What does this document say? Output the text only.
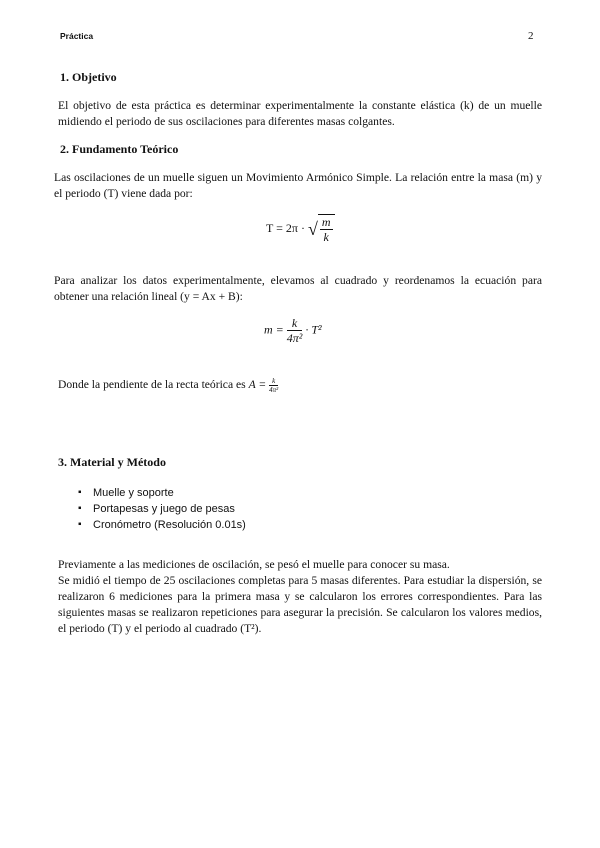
Práctica	2
1. Objetivo
El objetivo de esta práctica es determinar experimentalmente la constante elástica (k) de un muelle midiendo el periodo de sus oscilaciones para diferentes masas colgantes.
2. Fundamento Teórico
Las oscilaciones de un muelle siguen un Movimiento Armónico Simple. La relación entre la masa (m) y el periodo (T) viene dada por:
T = 2π · √ $\frac{m}{k}$
Para analizar los datos experimentalmente, elevamos al cuadrado y reordenamos la ecuación para obtener una relación lineal (y = Ax + B):
$m = \frac{k}{\text{4π²}} \cdot T^2$
Donde la pendiente de la recta teórica es $A = \frac{k}{\text{4π²}}$
3. Material y Método
▪ Muelle y soporte
▪ Portapesas y juego de pesas
▪ Cronómetro (Resolución 0.01s)
Previamente a las mediciones de oscilación, se pesó el muelle para conocer su masa.
Se midió el tiempo de 25 oscilaciones completas para 5 masas diferentes. Para estudiar la dispersión, se realizaron 6 mediciones para la primera masa y se calcularon los errores correspondientes. Para las siguientes masas se realizaron repeticiones para asegurar la precisión. Se calcularon los valores medios, el periodo (T) y el periodo al cuadrado (T²).
